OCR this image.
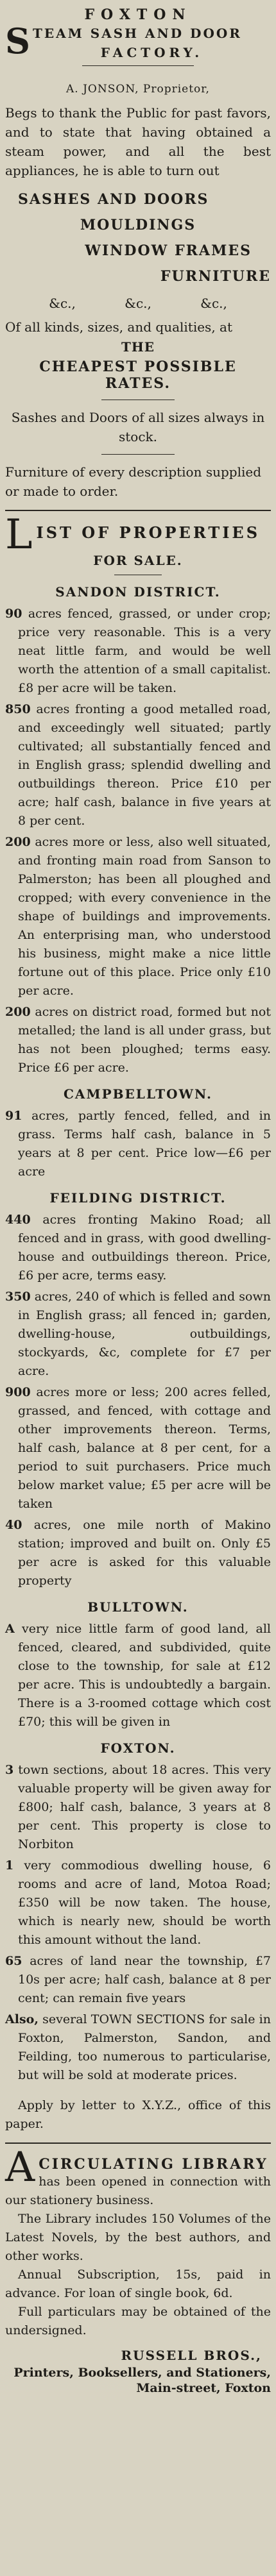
FOXTON
S TEAM SASH AND DOOR
FACTORY.
A. JONSON, Proprietor,
Begs to thank the Public for past favors, and to state that having obtained a steam power, and all the best appliances, he is able to turn out
SASHES AND DOORS
MOULDINGS
WINDOW FRAMES
FURNITURE
&c.,	&c.,	&c.,
Of all kinds, sizes, and qualities, at
THE
CHEAPEST POSSIBLE RATES.
Sashes and Doors of all sizes always in stock.
Furniture of every description supplied or made to order.
L IST OF PROPERTIES
FOR SALE.
SANDON DISTRICT.

90 acres fenced, grassed, or under crop; price very reasonable. This is a very neat little farm, and would be well worth the attention of a small capitalist. £8 per acre will be taken.

850 acres fronting a good metalled road, and exceedingly well situated; partly cultivated; all substantially fenced and in English grass; splendid dwelling and outbuildings thereon. Price £10 per acre; half cash, balance in five years at 8 per cent.

200 acres more or less, also well situated, and fronting main road from Sanson to Palmerston; has been all ploughed and cropped; with every convenience in the shape of buildings and improvements. An enterprising man, who understood his business, might make a nice little fortune out of this place. Price only £10 per acre.

200 acres on district road, formed but not metalled; the land is all under grass, but has not been ploughed; terms easy. Price £6 per acre.

CAMPBELLTOWN.

91 acres, partly fenced, felled, and in grass. Terms half cash, balance in 5 years at 8 per cent. Price low—£6 per acre

FEILDING DISTRICT.

440 acres fronting Makino Road; all fenced and in grass, with good dwelling-house and outbuildings thereon. Price, £6 per acre, terms easy.

350 acres, 240 of which is felled and sown in English grass; all fenced in; garden, dwelling-house, outbuildings, stockyards, &c, complete for £7 per acre.

900 acres more or less; 200 acres felled, grassed, and fenced, with cottage and other improvements thereon. Terms, half cash, balance at 8 per cent, for a period to suit purchasers. Price much below market value; £5 per acre will be taken

40 acres, one mile north of Makino station; improved and built on. Only £5 per acre is asked for this valuable property

BULLTOWN.

A very nice little farm of good land, all fenced, cleared, and subdivided, quite close to the township, for sale at £12 per acre. This is undoubtedly a bargain. There is a 3-roomed cottage which cost £70; this will be given in

FOXTON.

3 town sections, about 18 acres. This very valuable property will be given away for £800; half cash, balance, 3 years at 8 per cent. This property is close to Norbiton

1 very commodious dwelling house, 6 rooms and acre of land, Motoa Road; £350 will be now taken. The house, which is nearly new, should be worth this amount without the land.

65 acres of land near the township, £7 10s per acre; half cash, balance at 8 per cent; can remain five years

Also, several TOWN SECTIONS for sale in Foxton, Palmerston, Sandon, and Feilding, too numerous to particularise, but will be sold at moderate prices.

Apply by letter to X.Y.Z., office of this paper.

A CIRCULATING LIBRARY
has been opened in connection with our stationery business.

The Library includes 150 Volumes of the Latest Novels, by the best authors, and other works.

Annual Subscription, 15s, paid in advance. For loan of single book, 6d.

Full particulars may be obtained of the undersigned.

RUSSELL BROS.,
Printers, Booksellers, and Stationers,
Main-street, Foxton
